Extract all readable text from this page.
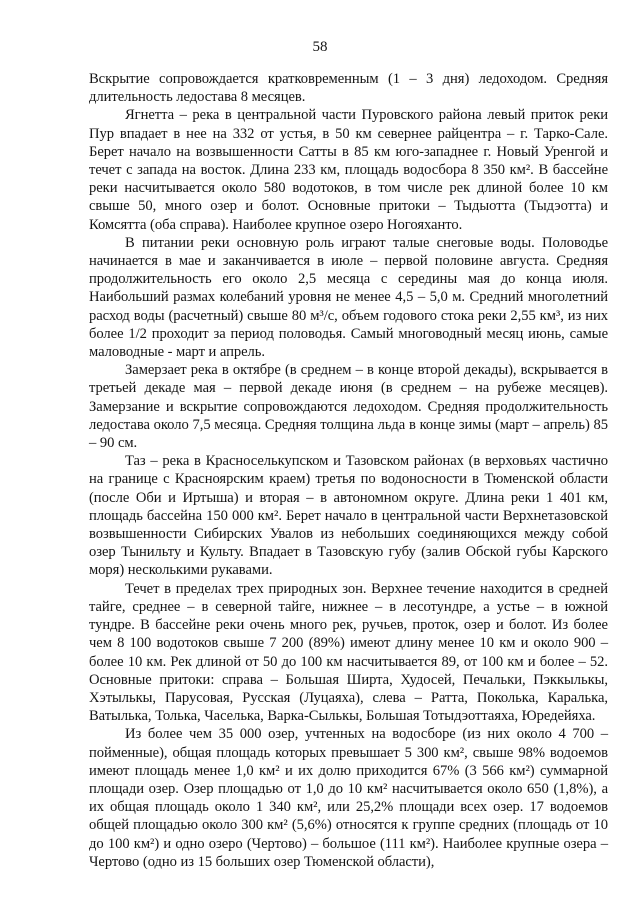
58

Вскрытие сопровождается кратковременным (1 – 3 дня) ледоходом. Средняя длительность ледостава 8 месяцев.

Ягнетта – река в центральной части Пуровского района левый приток реки Пур впадает в нее на 332 от устья, в 50 км севернее райцентра – г. Тарко-Сале. Берет начало на возвышенности Сатты в 85 км юго-западнее г. Новый Уренгой и течет с запада на восток. Длина 233 км, площадь водосбора 8 350 км². В бассейне реки насчитывается около 580 водотоков, в том числе рек длиной более 10 км свыше 50, много озер и болот. Основные притоки – Тыдыотта (Тыдэотта) и Комсятта (оба справа). Наиболее крупное озеро Ногояханто.

В питании реки основную роль играют талые снеговые воды. Половодье начинается в мае и заканчивается в июле – первой половине августа. Средняя продолжительность его около 2,5 месяца с середины мая до конца июля. Наибольший размах колебаний уровня не менее 4,5 – 5,0 м. Средний многолетний расход воды (расчетный) свыше 80 м³/с, объем годового стока реки 2,55 км³, из них более 1/2 проходит за период половодья. Самый многоводный месяц июнь, самые маловодные - март и апрель.

Замерзает река в октябре (в среднем – в конце второй декады), вскрывается в третьей декаде мая – первой декаде июня (в среднем – на рубеже месяцев). Замерзание и вскрытие сопровождаются ледоходом. Средняя продолжительность ледостава около 7,5 месяца. Средняя толщина льда в конце зимы (март – апрель) 85 – 90 см.

Таз – река в Красноселькупском и Тазовском районах (в верховьях частично на границе с Красноярским краем) третья по водоносности в Тюменской области (после Оби и Иртыша) и вторая – в автономном округе. Длина реки 1 401 км, площадь бассейна 150 000 км². Берет начало в центральной части Верхнетазовской возвышенности Сибирских Увалов из небольших соединяющихся между собой озер Тынильту и Культу. Впадает в Тазовскую губу (залив Обской губы Карского моря) несколькими рукавами.

Течет в пределах трех природных зон. Верхнее течение находится в средней тайге, среднее – в северной тайге, нижнее – в лесотундре, а устье – в южной тундре. В бассейне реки очень много рек, ручьев, проток, озер и болот. Из более чем 8 100 водотоков свыше 7 200 (89%) имеют длину менее 10 км и около 900 – более 10 км. Рек длиной от 50 до 100 км насчитывается 89, от 100 км и более – 52. Основные притоки: справа – Большая Ширта, Худосей, Печальки, Пэккылькы, Хэтылькы, Парусовая, Русская (Луцаяха), слева – Ратта, Поколька, Каралька, Ватылька, Толька, Часелька, Варка-Сылькы, Большая Тотыдэоттаяха, Юредейяха.

Из более чем 35 000 озер, учтенных на водосборе (из них около 4 700 – пойменные), общая площадь которых превышает 5 300 км², свыше 98% водоемов имеют площадь менее 1,0 км² и их долю приходится 67% (3 566 км²) суммарной площади озер. Озер площадью от 1,0 до 10 км² насчитывается около 650 (1,8%), а их общая площадь около 1 340 км², или 25,2% площади всех озер. 17 водоемов общей площадью около 300 км² (5,6%) относятся к группе средних (площадь от 10 до 100 км²) и одно озеро (Чертово) – большое (111 км²). Наиболее крупные озера – Чертово (одно из 15 больших озер Тюменской области),
